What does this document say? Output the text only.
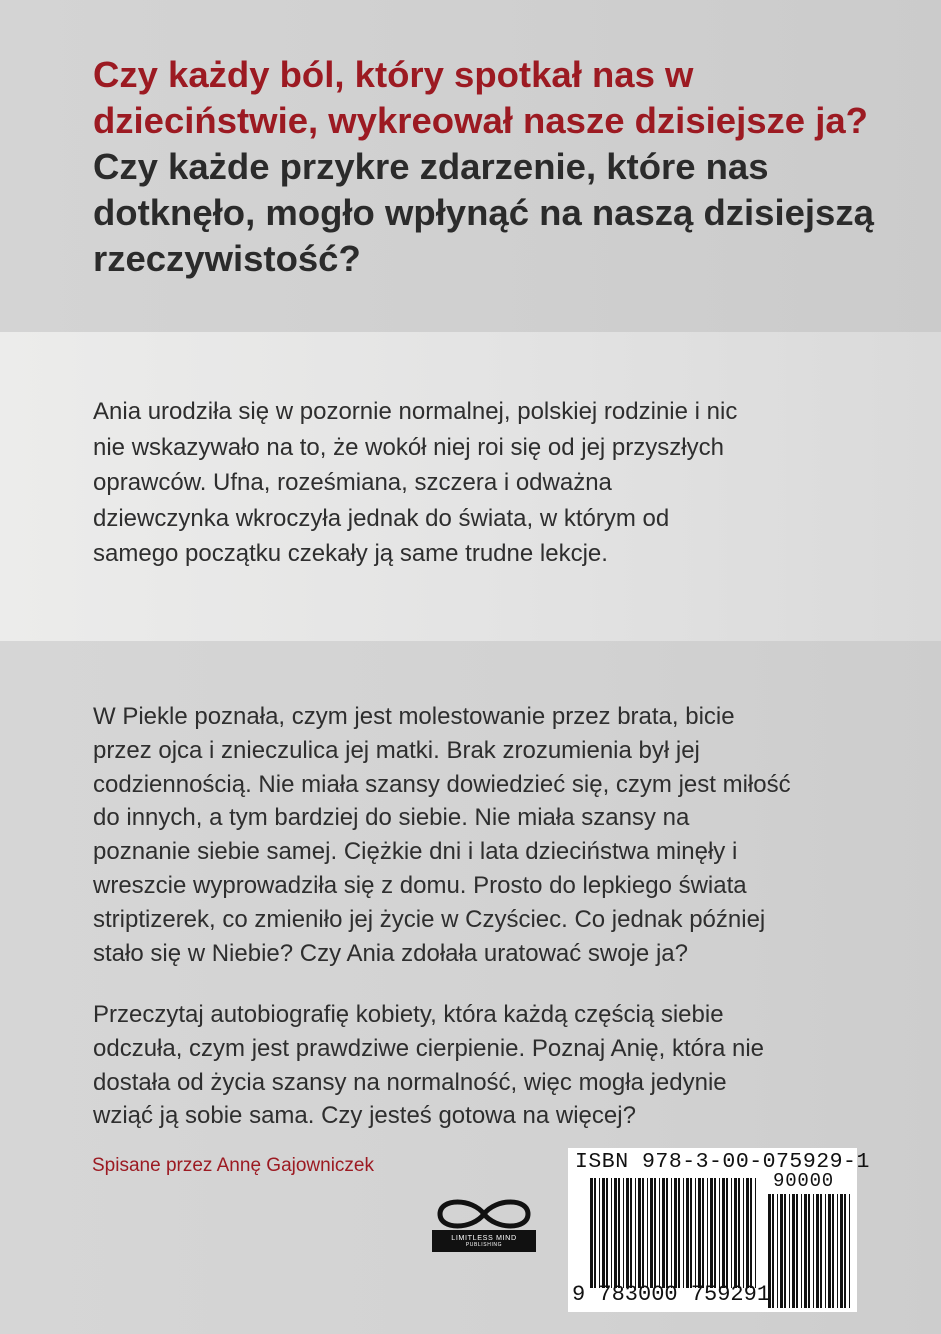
Czy każdy ból, który spotkał nas w
dzieciństwie, wykreował nasze dzisiejsze ja?
Czy każde przykre zdarzenie, które nas
dotknęło, mogło wpłynąć na naszą dzisiejszą
rzeczywistość?

Ania urodziła się w pozornie normalnej, polskiej rodzinie i nic
nie wskazywało na to, że wokół niej roi się od jej przyszłych
oprawców. Ufna, roześmiana, szczera i odważna
dziewczynka wkroczyła jednak do świata, w którym od
samego początku czekały ją same trudne lekcje.

W Piekle poznała, czym jest molestowanie przez brata, bicie
przez ojca i znieczulica jej matki. Brak zrozumienia był jej
codziennością. Nie miała szansy dowiedzieć się, czym jest miłość
do innych, a tym bardziej do siebie. Nie miała szansy na
poznanie siebie samej. Ciężkie dni i lata dzieciństwa minęły i
wreszcie wyprowadziła się z domu. Prosto do lepkiego świata
striptizerek, co zmieniło jej życie w Czyściec. Co jednak później
stało się w Niebie? Czy Ania zdołała uratować swoje ja?

Przeczytaj autobiografię kobiety, która każdą częścią siebie
odczuła, czym jest prawdziwe cierpienie. Poznaj Anię, która nie
dostała od życia szansy na normalność, więc mogła jedynie
wziąć ją sobie sama. Czy jesteś gotowa na więcej?

Spisane przez Annę Gajowniczek

LIMITLESS MIND
PUBLISHING
ISBN 978-3-00-075929-1
90000
9 783000 759291
